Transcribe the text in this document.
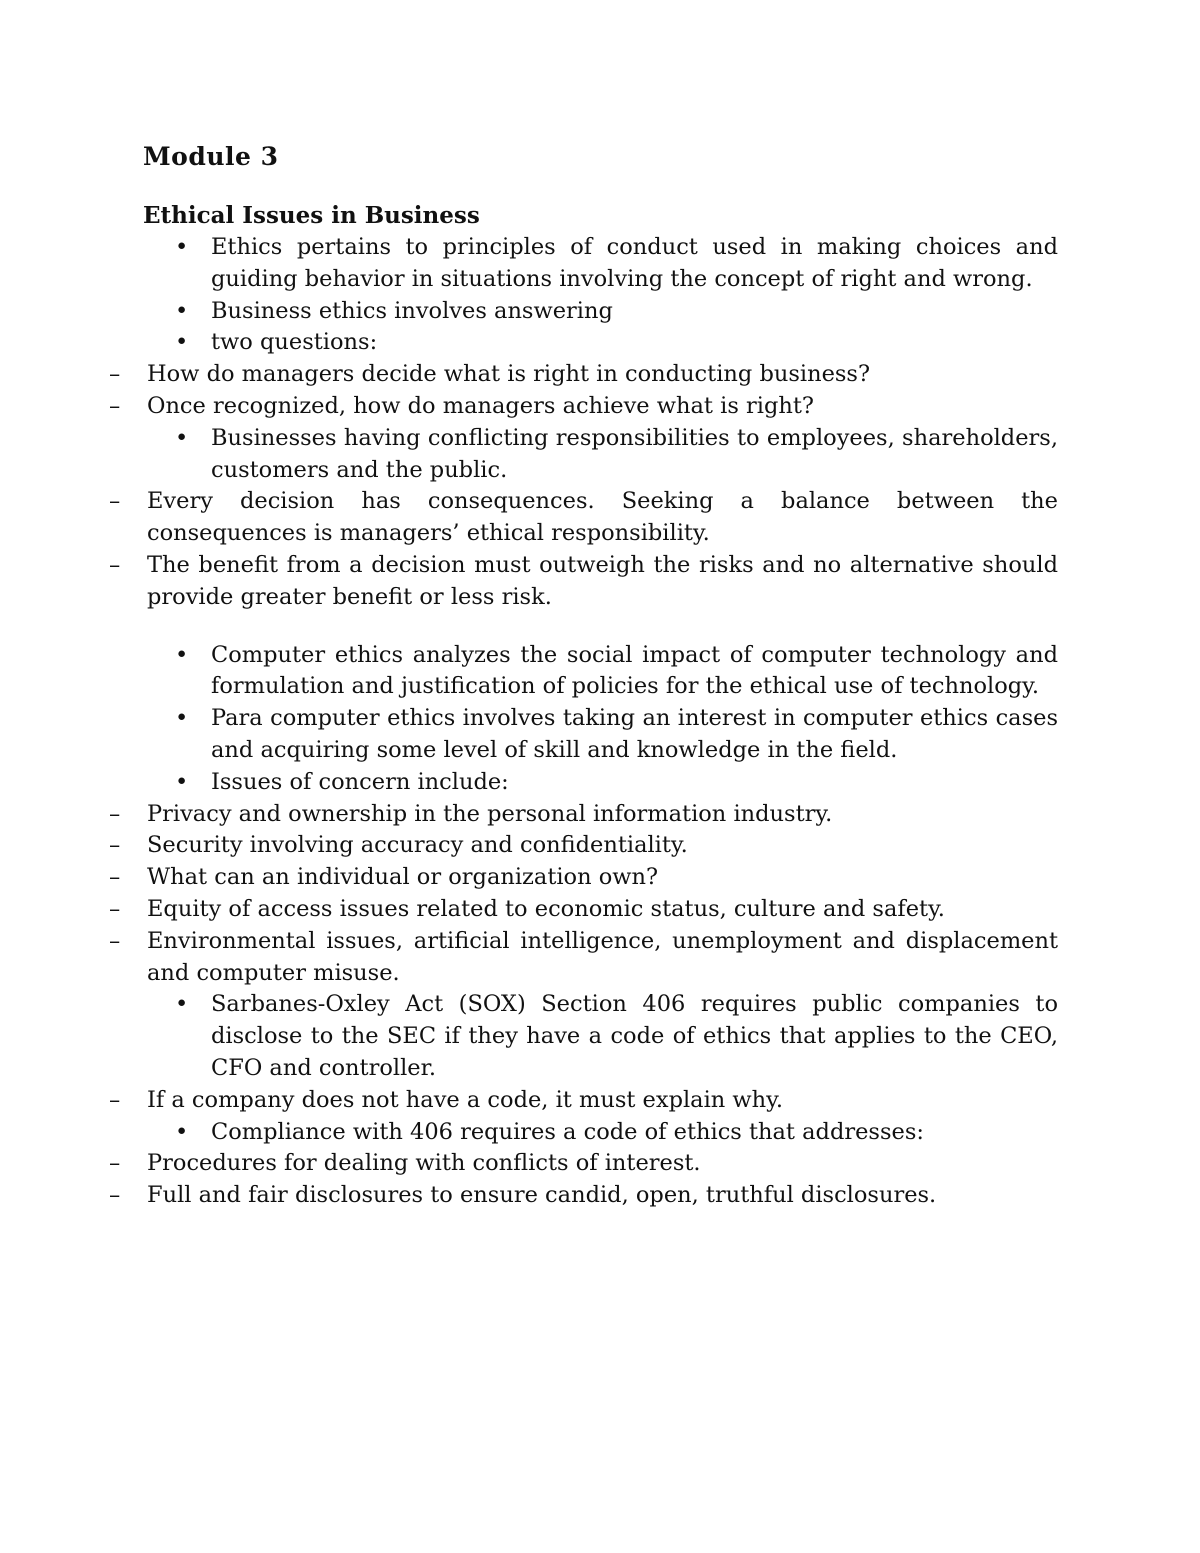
Module 3
Ethical Issues in Business
• Ethics pertains to principles of conduct used in making choices and guiding behavior in situations involving the concept of right and wrong.
• Business ethics involves answering
• two questions:
– How do managers decide what is right in conducting business?
– Once recognized, how do managers achieve what is right?
• Businesses having conflicting responsibilities to employees, shareholders, customers and the public.
– Every decision has consequences. Seeking a balance between the consequences is managers’ ethical responsibility.
– The benefit from a decision must outweigh the risks and no alternative should provide greater benefit or less risk.
• Computer ethics analyzes the social impact of computer technology and formulation and justification of policies for the ethical use of technology.
• Para computer ethics involves taking an interest in computer ethics cases and acquiring some level of skill and knowledge in the field.
• Issues of concern include:
– Privacy and ownership in the personal information industry.
– Security involving accuracy and confidentiality.
– What can an individual or organization own?
– Equity of access issues related to economic status, culture and safety.
– Environmental issues, artificial intelligence, unemployment and displacement and computer misuse.
• Sarbanes-Oxley Act (SOX) Section 406 requires public companies to disclose to the SEC if they have a code of ethics that applies to the CEO, CFO and controller.
– If a company does not have a code, it must explain why.
• Compliance with 406 requires a code of ethics that addresses:
– Procedures for dealing with conflicts of interest.
– Full and fair disclosures to ensure candid, open, truthful disclosures.
